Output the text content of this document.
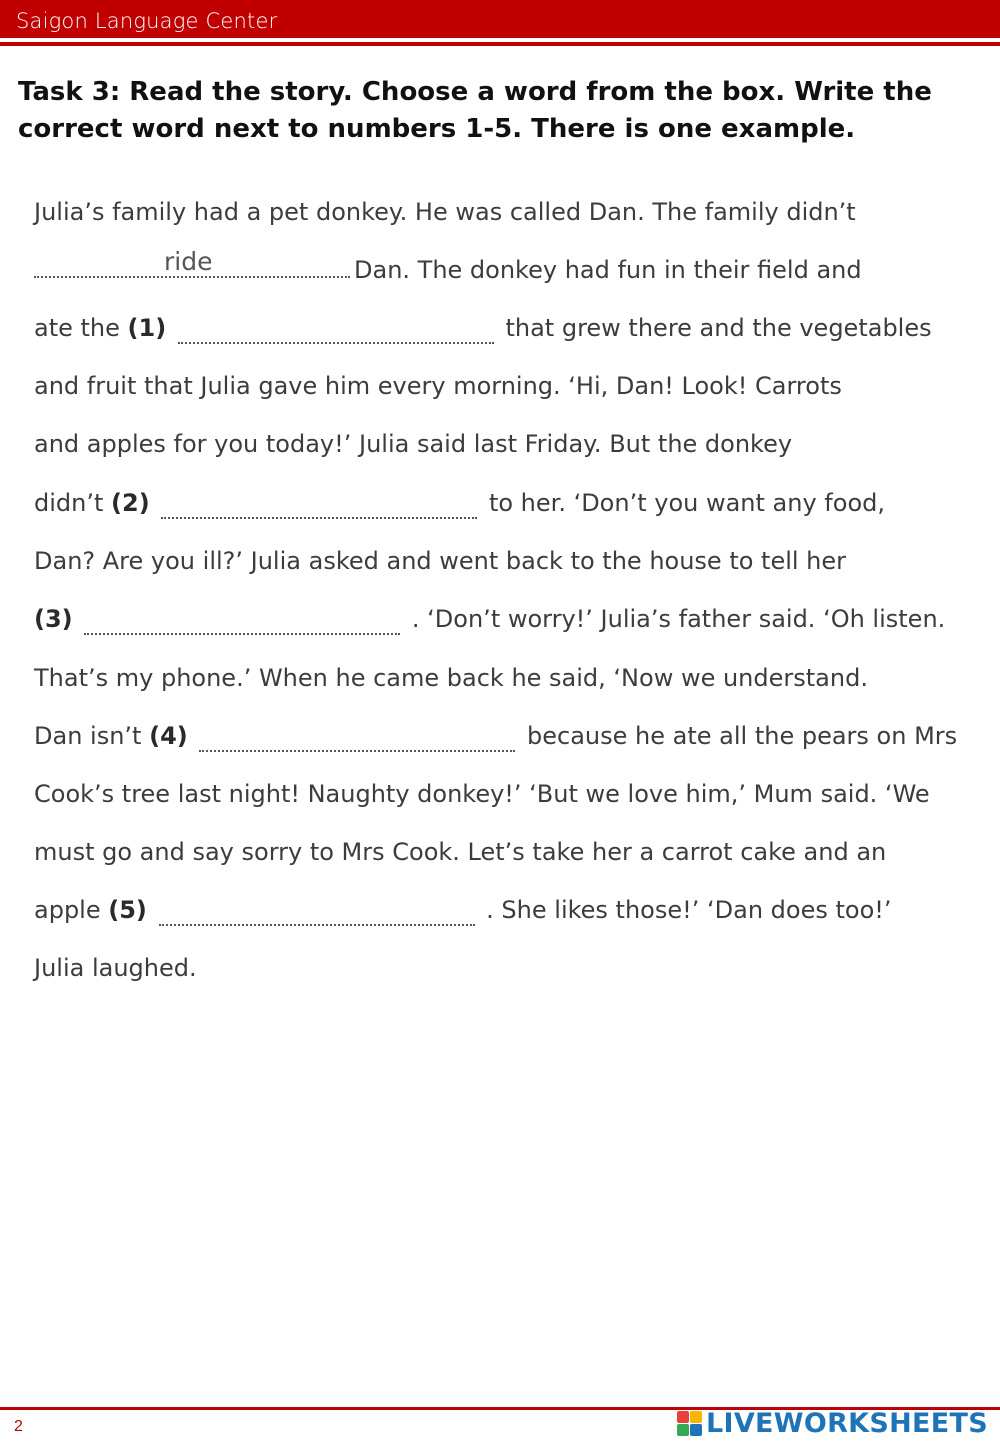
Saigon Language Center
Task 3: Read the story. Choose a word from the box. Write the correct word next to numbers 1-5. There is one example.
Julia’s family had a pet donkey. He was called Dan. The family didn’t
ride	Dan. The donkey had fun in their field and
ate the (1)	that grew there and the vegetables
and fruit that Julia gave him every morning. ‘Hi, Dan! Look! Carrots
and apples for you today!’ Julia said last Friday. But the donkey
didn’t (2)	to her. ‘Don’t you want any food,
Dan? Are you ill?’ Julia asked and went back to the house to tell her
(3)	. ‘Don’t worry!’ Julia’s father said. ‘Oh listen.
That’s my phone.’ When he came back he said, ‘Now we understand.
Dan isn’t (4)	because he ate all the pears on Mrs
Cook’s tree last night! Naughty donkey!’ ‘But we love him,’ Mum said. ‘We
must go and say sorry to Mrs Cook. Let’s take her a carrot cake and an
apple (5)	. She likes those!’ ‘Dan does too!’
Julia laughed.
2	LIVEWORKSHEETS
